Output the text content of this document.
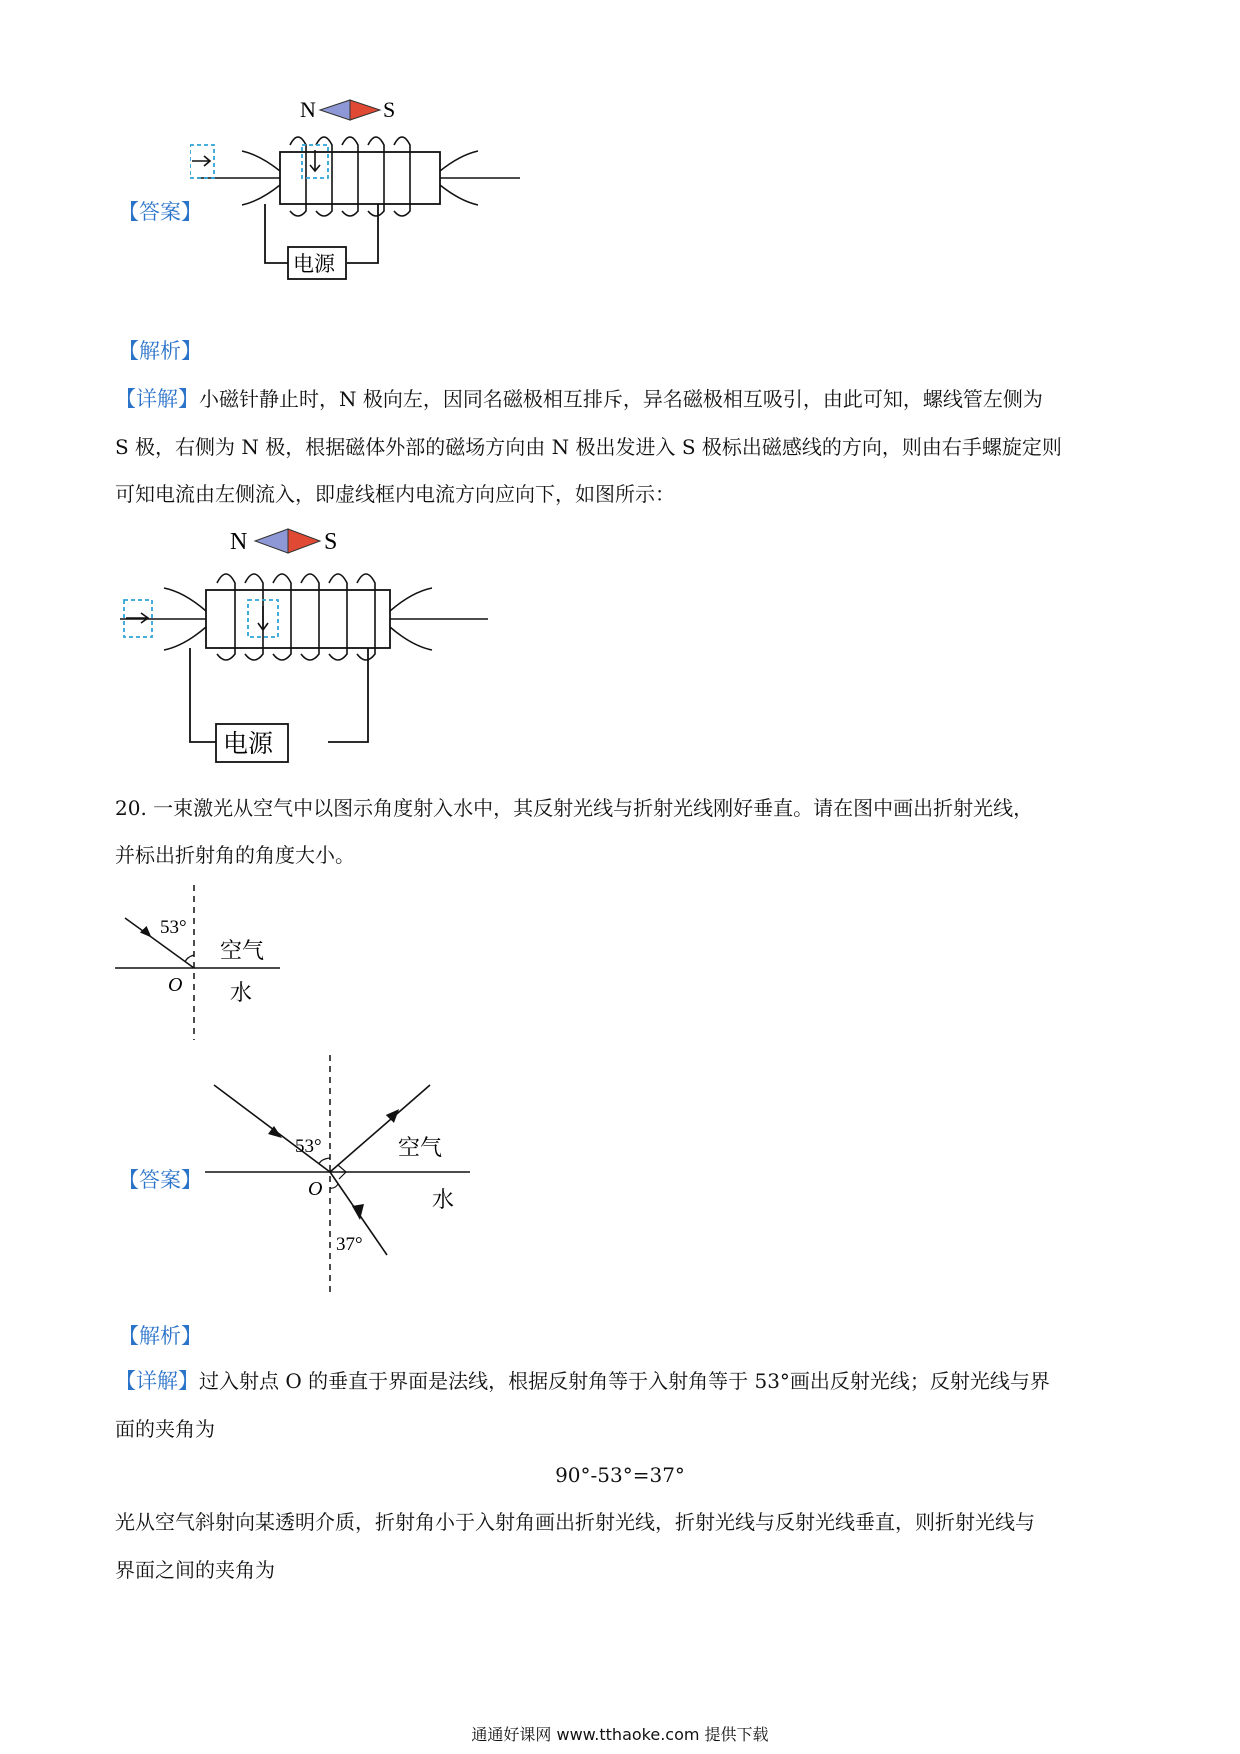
【答案】
N	S
电源
【解析】
【详解】小磁针静止时，N 极向左，因同名磁极相互排斥，异名磁极相互吸引，由此可知，螺线管左侧为
S 极，右侧为 N 极，根据磁体外部的磁场方向由 N 极出发进入 S 极标出磁感线的方向，则由右手螺旋定则
可知电流由左侧流入，即虚线框内电流方向应向下，如图所示：
N	S
电源
20. 一束激光从空气中以图示角度射入水中，其反射光线与折射光线刚好垂直。请在图中画出折射光线，
并标出折射角的角度大小。
53°
空气
O 水
【答案】
53°	空气
O	水
37°
【解析】
【详解】过入射点 O 的垂直于界面是法线，根据反射角等于入射角等于 53°画出反射光线；反射光线与界
面的夹角为
90°-53°=37°
光从空气斜射向某透明介质，折射角小于入射角画出折射光线，折射光线与反射光线垂直，则折射光线与
界面之间的夹角为
通通好课网 www.tthaoke.com 提供下载
